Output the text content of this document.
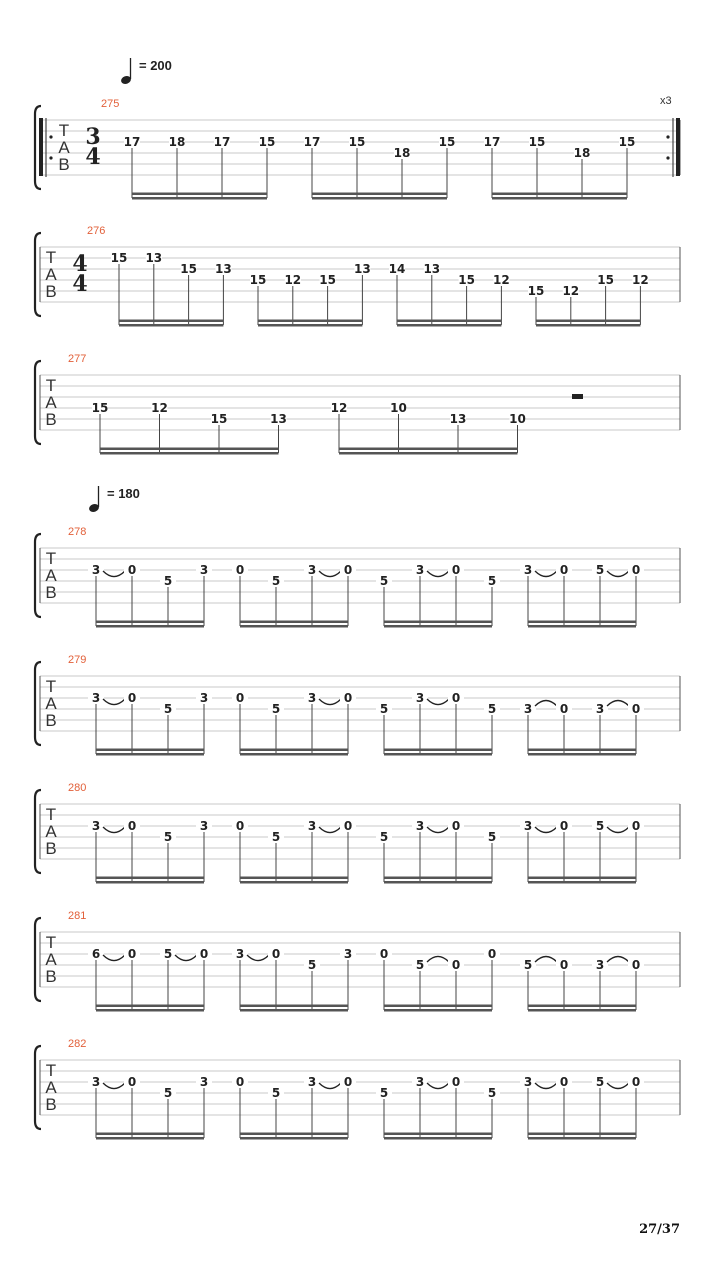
T
A
B
275
3
4
x3
17 18 17 15 17 15
18
15 17 15
18
15
T
A
B
276
4
4
15 13
15 13
15 12 15
13 14 13
15 12
15 12
15 12
T
A
B
277
15	12
15	13
12	10
13	10
T
A
B
278
3 0
5
3 0
5
3 0
5
3 0
5
3 0 5 0
T
A
B
279
3 0
5
3 0
5
3 0
5
3 0
5 3 0 3 0
T
A
B
280
3 0
5
3 0
5
3 0
5
3 0
5
3 0 5 0
T
A
B
281
6 0 5 0 3 0
5
3 0
5 0
0
5 0 3 0
T
A
B
282
3 0
5
3 0
5
3 0
5
3 0
5
3 0 5 0
= 200
= 180
27/37
